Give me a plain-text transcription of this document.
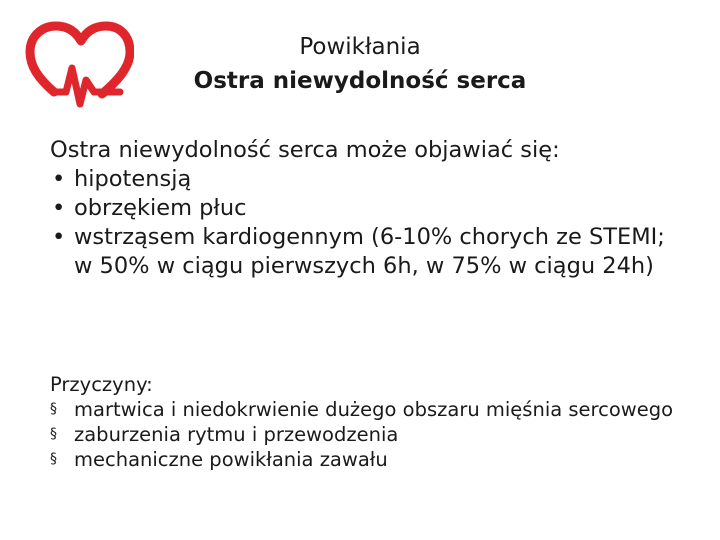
Powikłania
Ostra niewydolność serca

Ostra niewydolność serca może objawiać się:

• hipotensją
• obrzękiem płuc
• wstrząsem kardiogennym (6-10% chorych ze STEMI; w 50% w ciągu pierwszych 6h, w 75% w ciągu 24h)

Przyczyny:

§ martwica i niedokrwienie dużego obszaru mięśnia sercowego
§ zaburzenia rytmu i przewodzenia
§ mechaniczne powikłania zawału
